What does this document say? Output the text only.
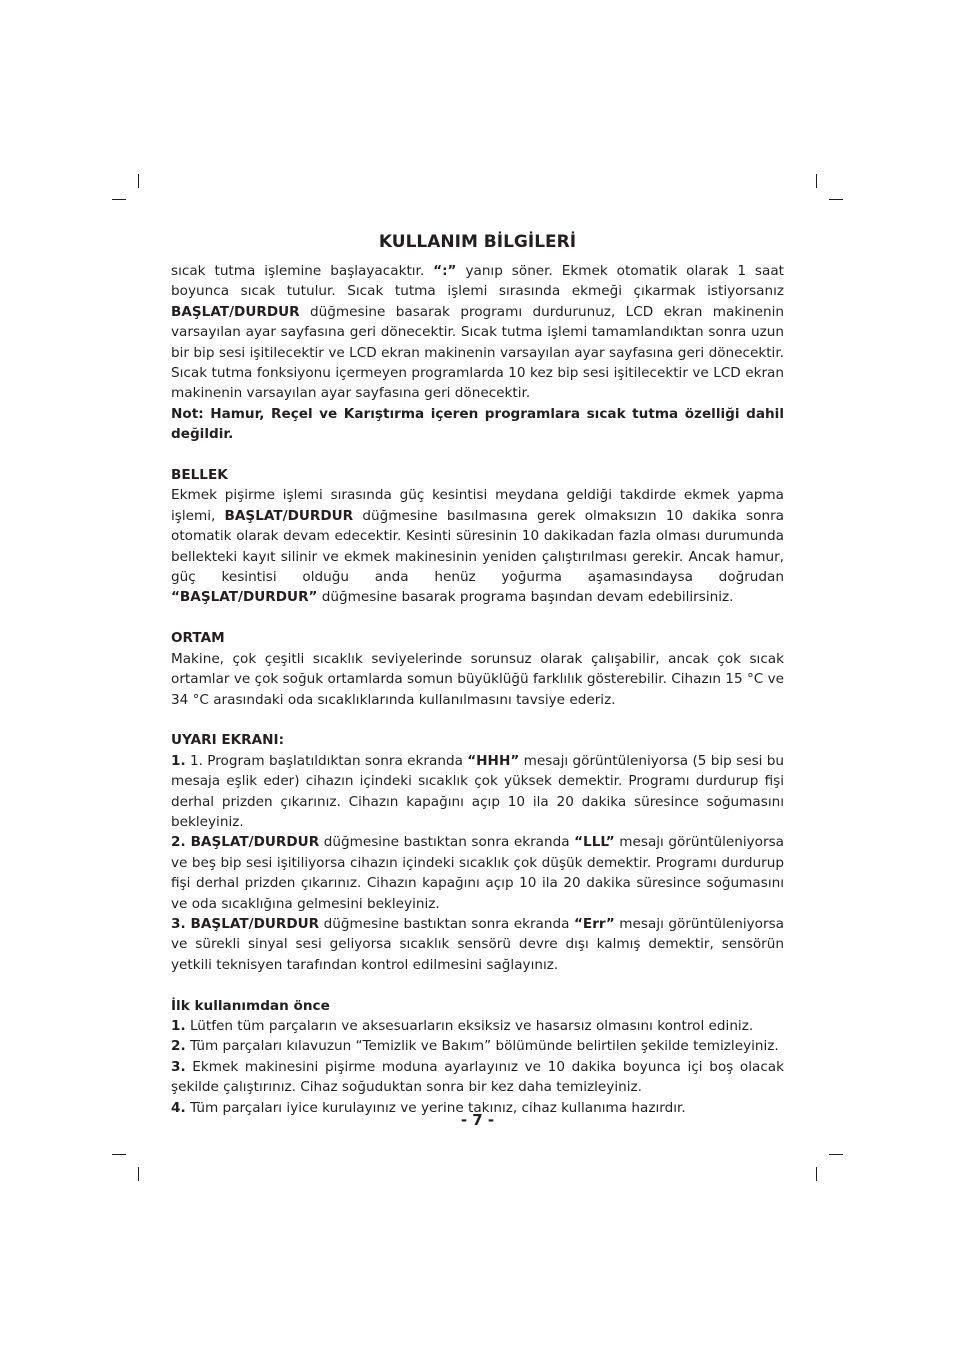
KULLANIM BİLGİLERİ

sıcak tutma işlemine başlayacaktır. “:” yanıp söner. Ekmek otomatik olarak 1 saat boyunca sıcak tutulur. Sıcak tutma işlemi sırasında ekmeği çıkarmak istiyorsanız BAŞLAT/DURDUR düğmesine basarak programı durdurunuz, LCD ekran makinenin varsayılan ayar sayfasına geri dönecektir. Sıcak tutma işlemi tamamlandıktan sonra uzun bir bip sesi işitilecektir ve LCD ekran makinenin varsayılan ayar sayfasına geri dönecektir. Sıcak tutma fonksiyonu içermeyen programlarda 10 kez bip sesi işitilecektir ve LCD ekran makinenin varsayılan ayar sayfasına geri dönecektir.

Not: Hamur, Reçel ve Karıştırma içeren programlara sıcak tutma özelliği dahil değildir.

BELLEK

Ekmek pişirme işlemi sırasında güç kesintisi meydana geldiği takdirde ekmek yapma işlemi, BAŞLAT/DURDUR düğmesine basılmasına gerek olmaksızın 10 dakika sonra otomatik olarak devam edecektir. Kesinti süresinin 10 dakikadan fazla olması durumunda bellekteki kayıt silinir ve ekmek makinesinin yeniden çalıştırılması gerekir. Ancak hamur, güç kesintisi olduğu anda henüz yoğurma aşamasındaysa doğrudan “BAŞLAT/DURDUR” düğmesine basarak programa başından devam edebilirsiniz.

ORTAM

Makine, çok çeşitli sıcaklık seviyelerinde sorunsuz olarak çalışabilir, ancak çok sıcak ortamlar ve çok soğuk ortamlarda somun büyüklüğü farklılık gösterebilir. Cihazın 15 °C ve 34 °C arasındaki oda sıcaklıklarında kullanılmasını tavsiye ederiz.

UYARI EKRANI:

1. 1. Program başlatıldıktan sonra ekranda “HHH” mesajı görüntüleniyorsa (5 bip sesi bu mesaja eşlik eder) cihazın içindeki sıcaklık çok yüksek demektir. Programı durdurup fişi derhal prizden çıkarınız. Cihazın kapağını açıp 10 ila 20 dakika süresince soğumasını bekleyiniz.

2. BAŞLAT/DURDUR düğmesine bastıktan sonra ekranda “LLL” mesajı görüntüleniyorsa ve beş bip sesi işitiliyorsa cihazın içindeki sıcaklık çok düşük demektir. Programı durdurup fişi derhal prizden çıkarınız. Cihazın kapağını açıp 10 ila 20 dakika süresince soğumasını ve oda sıcaklığına gelmesini bekleyiniz.

3. BAŞLAT/DURDUR düğmesine bastıktan sonra ekranda “Err” mesajı görüntüleniyorsa ve sürekli sinyal sesi geliyorsa sıcaklık sensörü devre dışı kalmış demektir, sensörün yetkili teknisyen tarafından kontrol edilmesini sağlayınız.

İlk kullanımdan önce

1. Lütfen tüm parçaların ve aksesuarların eksiksiz ve hasarsız olmasını kontrol ediniz.

2. Tüm parçaları kılavuzun “Temizlik ve Bakım” bölümünde belirtilen şekilde temizleyiniz.

3. Ekmek makinesini pişirme moduna ayarlayınız ve 10 dakika boyunca içi boş olacak şekilde çalıştırınız. Cihaz soğuduktan sonra bir kez daha temizleyiniz.

4. Tüm parçaları iyice kurulayınız ve yerine takınız, cihaz kullanıma hazırdır.

- 7 -
